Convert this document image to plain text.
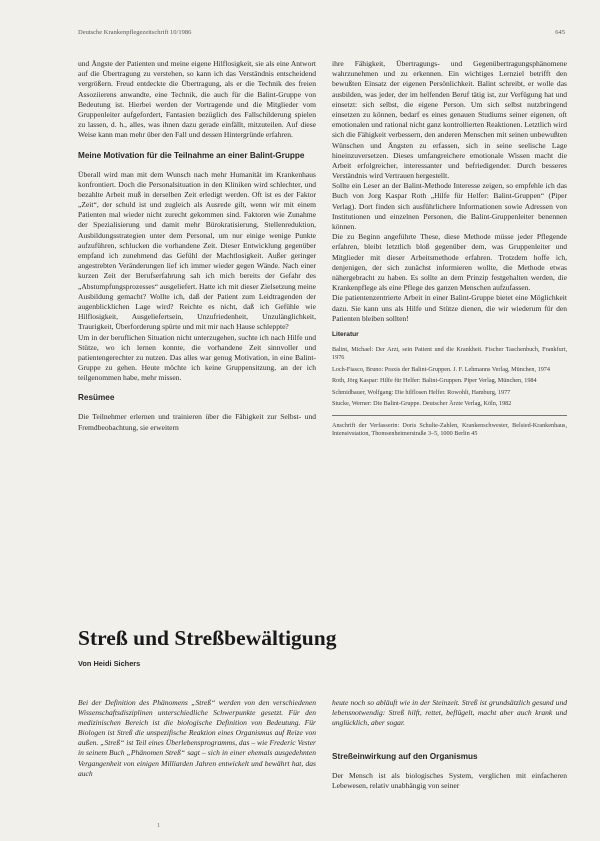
Deutsche Krankenpflegezeitschrift 10/1986	645

und Ängste der Patienten und meine eigene Hilflosigkeit, sie als eine Antwort auf die Übertragung zu verstehen, so kann ich das Verständnis entscheidend vergrößern. Freud entdeckte die Übertragung, als er die Technik des freien Assoziierens anwandte, eine Technik, die auch für die Balint-Gruppe von Bedeutung ist. Hierbei werden der Vortragende und die Mitglieder vom Gruppenleiter aufgefordert, Fantasien bezüglich des Fallschilderung spielen zu lassen, d. h., alles, was ihnen dazu gerade einfällt, mitzuteilen. Auf diese Weise kann man mehr über den Fall und dessen Hintergründe erfahren.

Meine Motivation für die Teilnahme an einer Balint-Gruppe

Überall wird man mit dem Wunsch nach mehr Humanität im Krankenhaus konfrontiert. Doch die Personalsituation in den Kliniken wird schlechter, und bezahlte Arbeit muß in derselben Zeit erledigt werden. Oft ist es der Faktor „Zeit“, der schuld ist und zugleich als Ausrede gilt, wenn wir mit einem Patienten mal wieder nicht zurecht gekommen sind. Faktoren wie Zunahme der Spezialisierung und damit mehr Bürokratisierung, Stellenreduktion, Ausbildungsstrategien unter dem Personal, um nur einige wenige Punkte aufzuführen, schlucken die vorhandene Zeit. Dieser Entwicklung gegenüber empfand ich zunehmend das Gefühl der Machtlosigkeit. Außer geringer angestrebten Veränderungen lief ich immer wieder gegen Wände. Nach einer kurzen Zeit der Berufserfahrung sah ich mich bereits der Gefahr des „Abstumpfungsprozesses“ ausgeliefert. Hatte ich mit dieser Zielsetzung meine Ausbildung gemacht? Wollte ich, daß der Patient zum Leidtragenden der augenblicklichen Lage wird? Reichte es nicht, daß ich Gefühle wie Hilflosigkeit, Ausgeliefertsein, Unzufriedenheit, Unzulänglichkeit, Traurigkeit, Überforderung spürte und mit mir nach Hause schleppte?

Um in der beruflichen Situation nicht unterzugehen, suchte ich nach Hilfe und Stütze, wo ich lernen konnte, die vorhandene Zeit sinnvoller und patientengerechter zu nutzen. Das alles war genug Motivation, in eine Balint-Gruppe zu gehen. Heute möchte ich keine Gruppensitzung, an der ich teilgenommen habe, mehr missen.

Resümee

Die Teilnehmer erlernen und trainieren über die Fähigkeit zur Selbst- und Fremdbeobachtung, sie erweitern

ihre Fähigkeit, Übertragungs- und Gegenübertragungsphänomene wahrzunehmen und zu erkennen. Ein wichtiges Lernziel betrifft den bewußten Einsatz der eigenen Persönlichkeit. Balint schreibt, er wolle das ausbilden, was jeder, der im helfenden Beruf tätig ist, zur Verfügung hat und einsetzt: sich selbst, die eigene Person. Um sich selbst nutzbringend einsetzen zu können, bedarf es eines genauen Studiums seiner eigenen, oft emotionalen und rational nicht ganz kontrollierten Reaktionen. Letztlich wird sich die Fähigkeit verbessern, den anderen Menschen mit seinen unbewußten Wünschen und Ängsten zu erfassen, sich in seine seelische Lage hineinzuversetzen. Dieses umfangreichere emotionale Wissen macht die Arbeit erfolgreicher, interessanter und befriedigender. Durch besseres Verständnis wird Vertrauen hergestellt.

Sollte ein Leser an der Balint-Methode Interesse zeigen, so empfehle ich das Buch von Jorg Kaspar Roth „Hilfe für Helfer: Balint-Gruppen“ (Piper Verlag). Dort finden sich ausführlichere Informationen sowie Adressen von Institutionen und einzelnen Personen, die Balint-Gruppenleiter benennen können.

Die zu Beginn angeführte These, diese Methode müsse jeder Pflegende erfahren, bleibt letztlich bloß gegenüber dem, was Gruppenleiter und Mitglieder mit dieser Arbeitsmethode erfahren. Trotzdem hoffe ich, denjenigen, der sich zunächst informieren wollte, die Methode etwas nähergebracht zu haben. Es sollte an dem Prinzip festgehalten werden, die Krankenpflege als eine Pflege des ganzen Menschen aufzufassen.

Die patientenzentrierte Arbeit in einer Balint-Gruppe bietet eine Möglichkeit dazu. Sie kann uns als Hilfe und Stütze dienen, die wir wiederum für den Patienten bleiben sollten!

Literatur

Balint, Michael: Der Arzt, sein Patient und die Krankheit. Fischer Taschenbuch, Frankfurt, 1976

Loch-Fiasco, Bruno: Praxis der Balint-Gruppen. J. F. Lehmanns Verlag, München, 1974

Roth, Jörg Kaspar: Hilfe für Helfer: Balint-Gruppen. Piper Verlag, München, 1984

Schmidbauer, Wolfgang: Die hilflosen Helfer. Rowohlt, Hamburg, 1977

Stucke, Werner: Die Balint-Gruppe. Deutscher Ärzte Verlag, Köln, 1982

Anschrift der Verfasserin: Doris Schulte-Zahlen, Krankenschwester, Belsied-Krankenhaus, Intensivstation, Thomsenheimerstraße 3–5, 1000 Berlin 45

Streß und Streßbewältigung
Von Heidi Sichers

Bei der Definition des Phänomens „Streß“ werden von den verschiedenen Wissenschaftsdisziplinen unterschiedliche Schwerpunkte gesetzt. Für den medizinischen Bereich ist die biologische Definition von Bedeutung. Für Biologen ist Streß die unspezifische Reaktion eines Organismus auf Reize von außen. „Streß“ ist Teil eines Überlebensprogramms, das – wie Frederic Vester in seinem Buch „Phänomen Streß“ sagt – sich in einer ehemals ausgedehnten Vergangenheit von einigen Milliarden Jahren entwickelt und bewährt hat, das auch

heute noch so abläuft wie in der Steinzeit. Streß ist grundsätzlich gesund und lebensnotwendig: Streß hilft, rettet, beflügelt, macht aber auch krank und unglücklich, aber sogar.

Streßeinwirkung auf den Organismus

Der Mensch ist als biologisches System, verglichen mit einfacheren Lebewesen, relativ unabhängig von seiner

1
